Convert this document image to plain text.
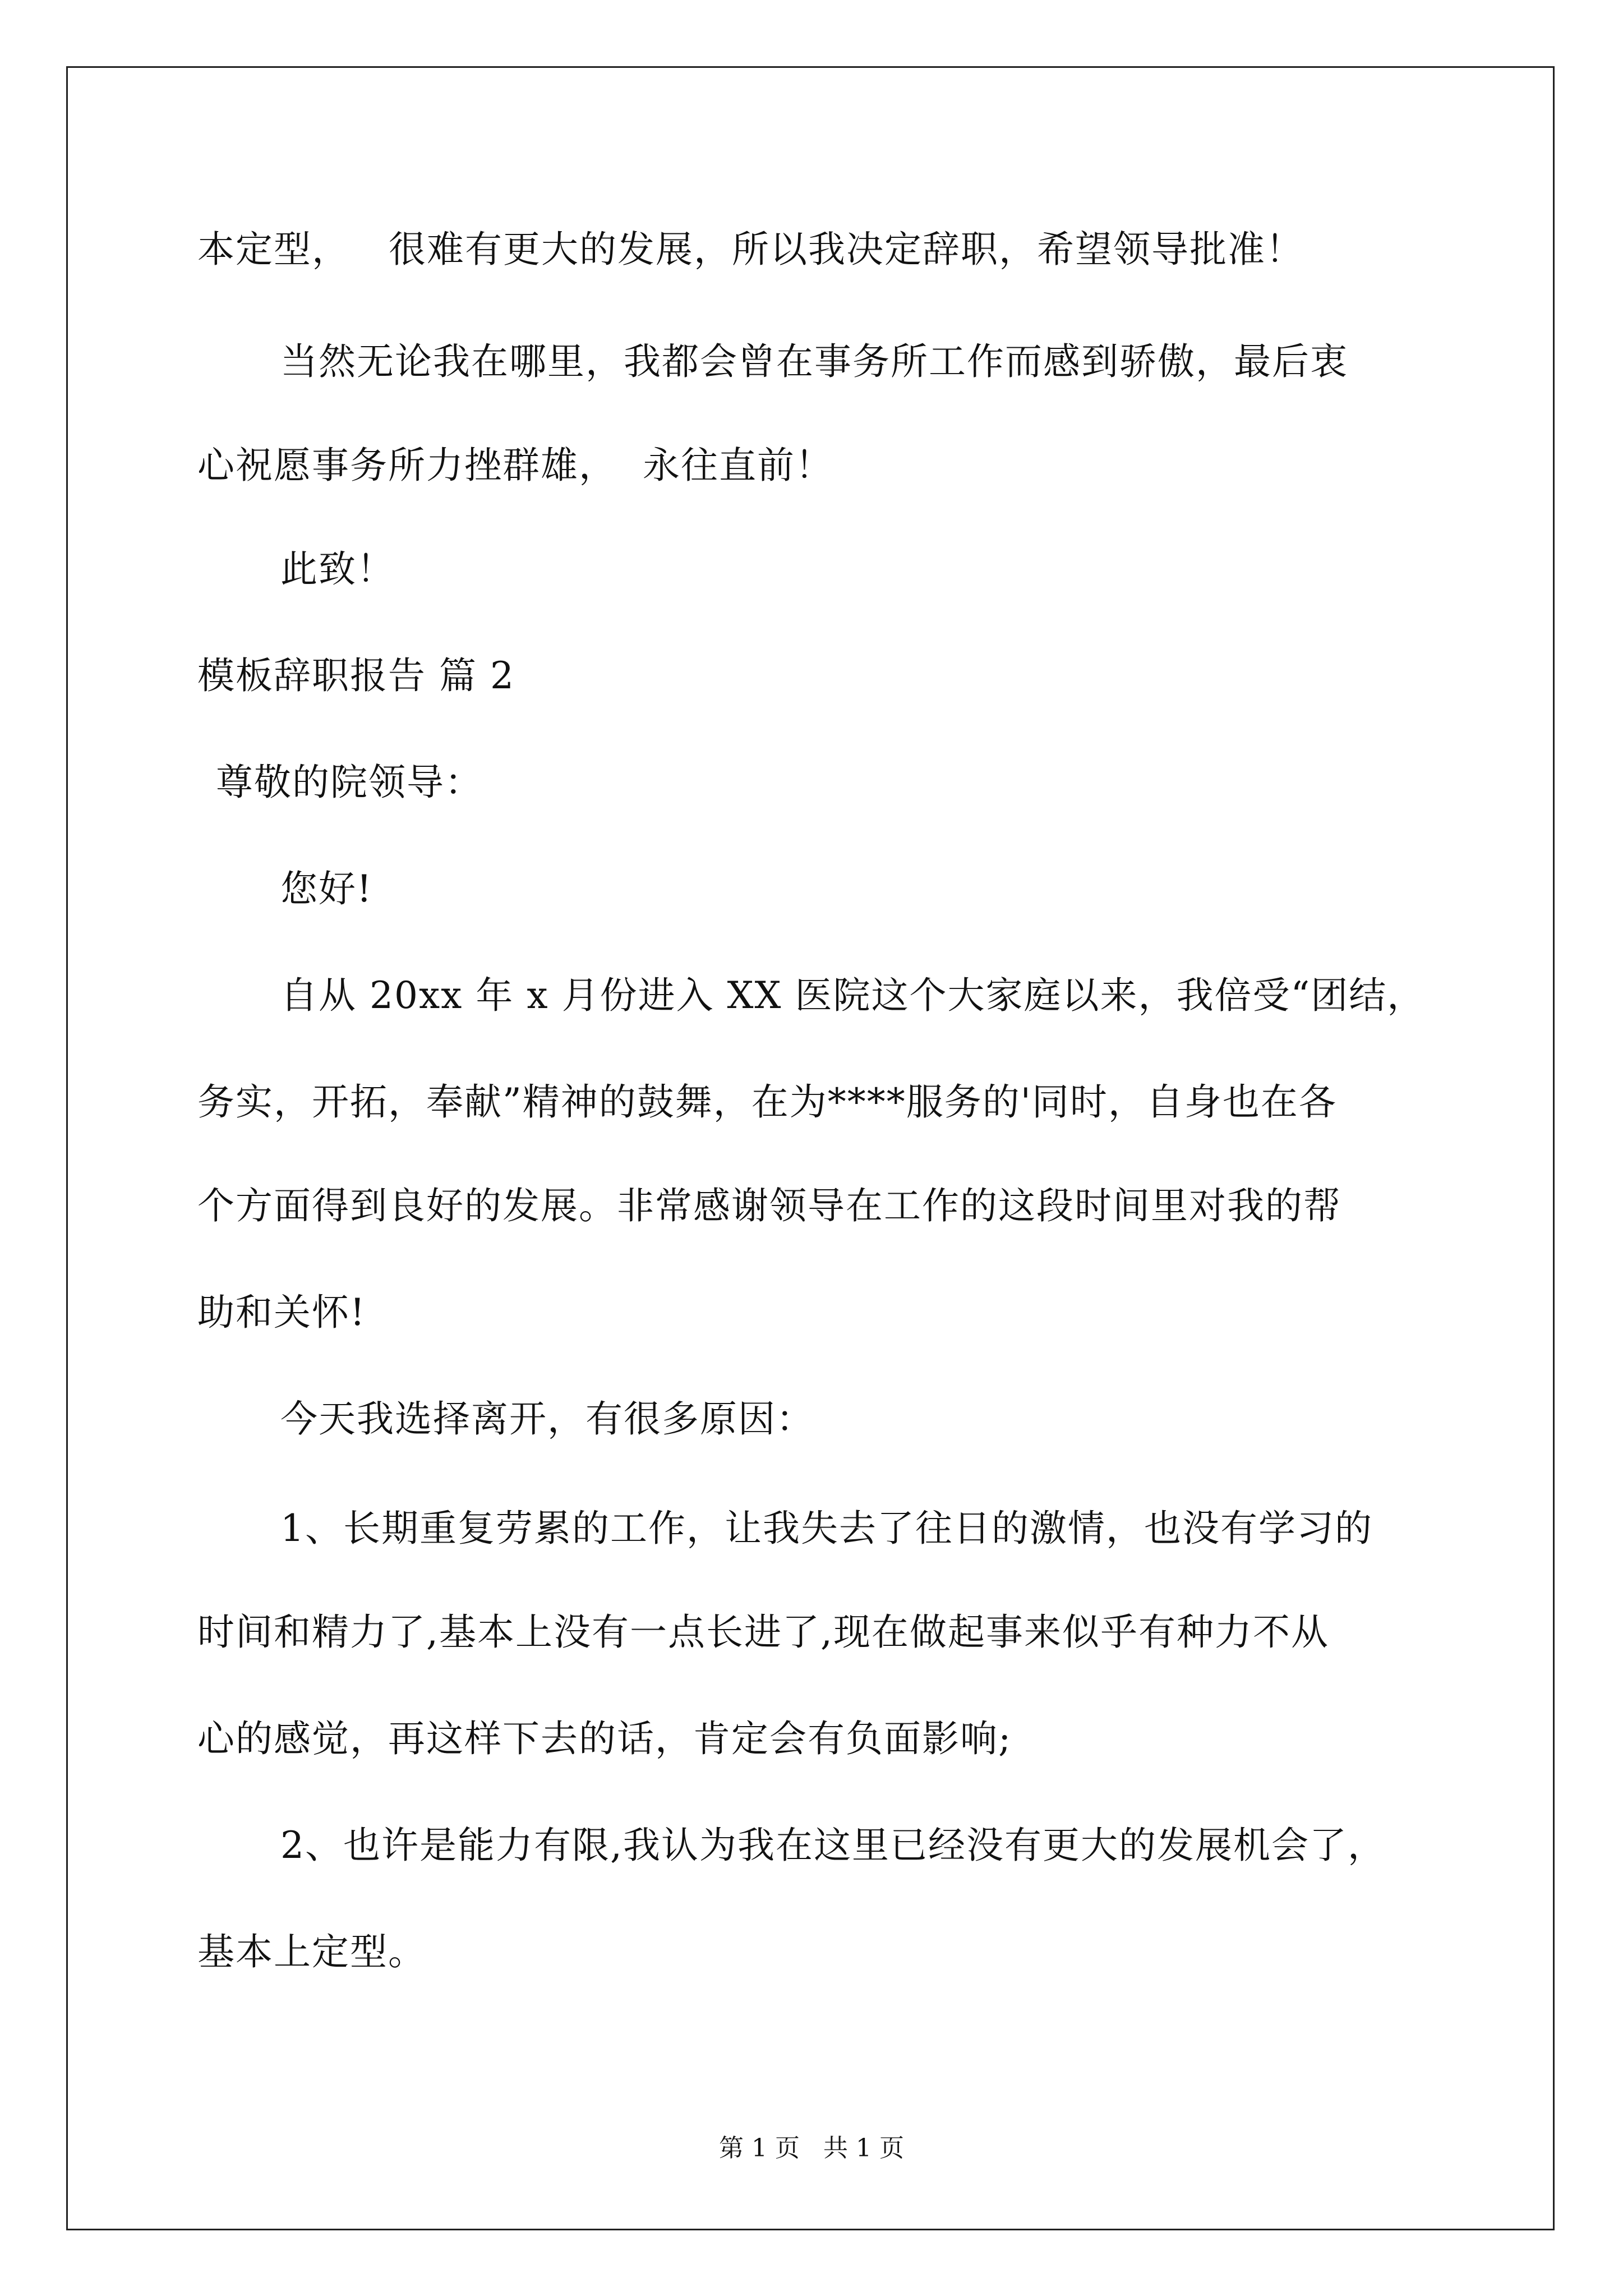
本定型，   很难有更大的发展，所以我决定辞职，希望领导批准！
当然无论我在哪里，我都会曾在事务所工作而感到骄傲，最后衷
心祝愿事务所力挫群雄，  永往直前！
此致！
模板辞职报告 篇 2
尊敬的院领导：
您好!
自从 20xx 年 x 月份进入 XX 医院这个大家庭以来，我倍受“团结，
务实，开拓，奉献”精神的鼓舞，在为****服务的'同时，自身也在各
个方面得到良好的发展。非常感谢领导在工作的这段时间里对我的帮
助和关怀!
今天我选择离开，有很多原因：
1、长期重复劳累的工作，让我失去了往日的激情，也没有学习的
时间和精力了,基本上没有一点长进了,现在做起事来似乎有种力不从
心的感觉，再这样下去的话，肯定会有负面影响;
2、也许是能力有限,我认为我在这里已经没有更大的发展机会了，
基本上定型。
第 1 页   共 1 页
